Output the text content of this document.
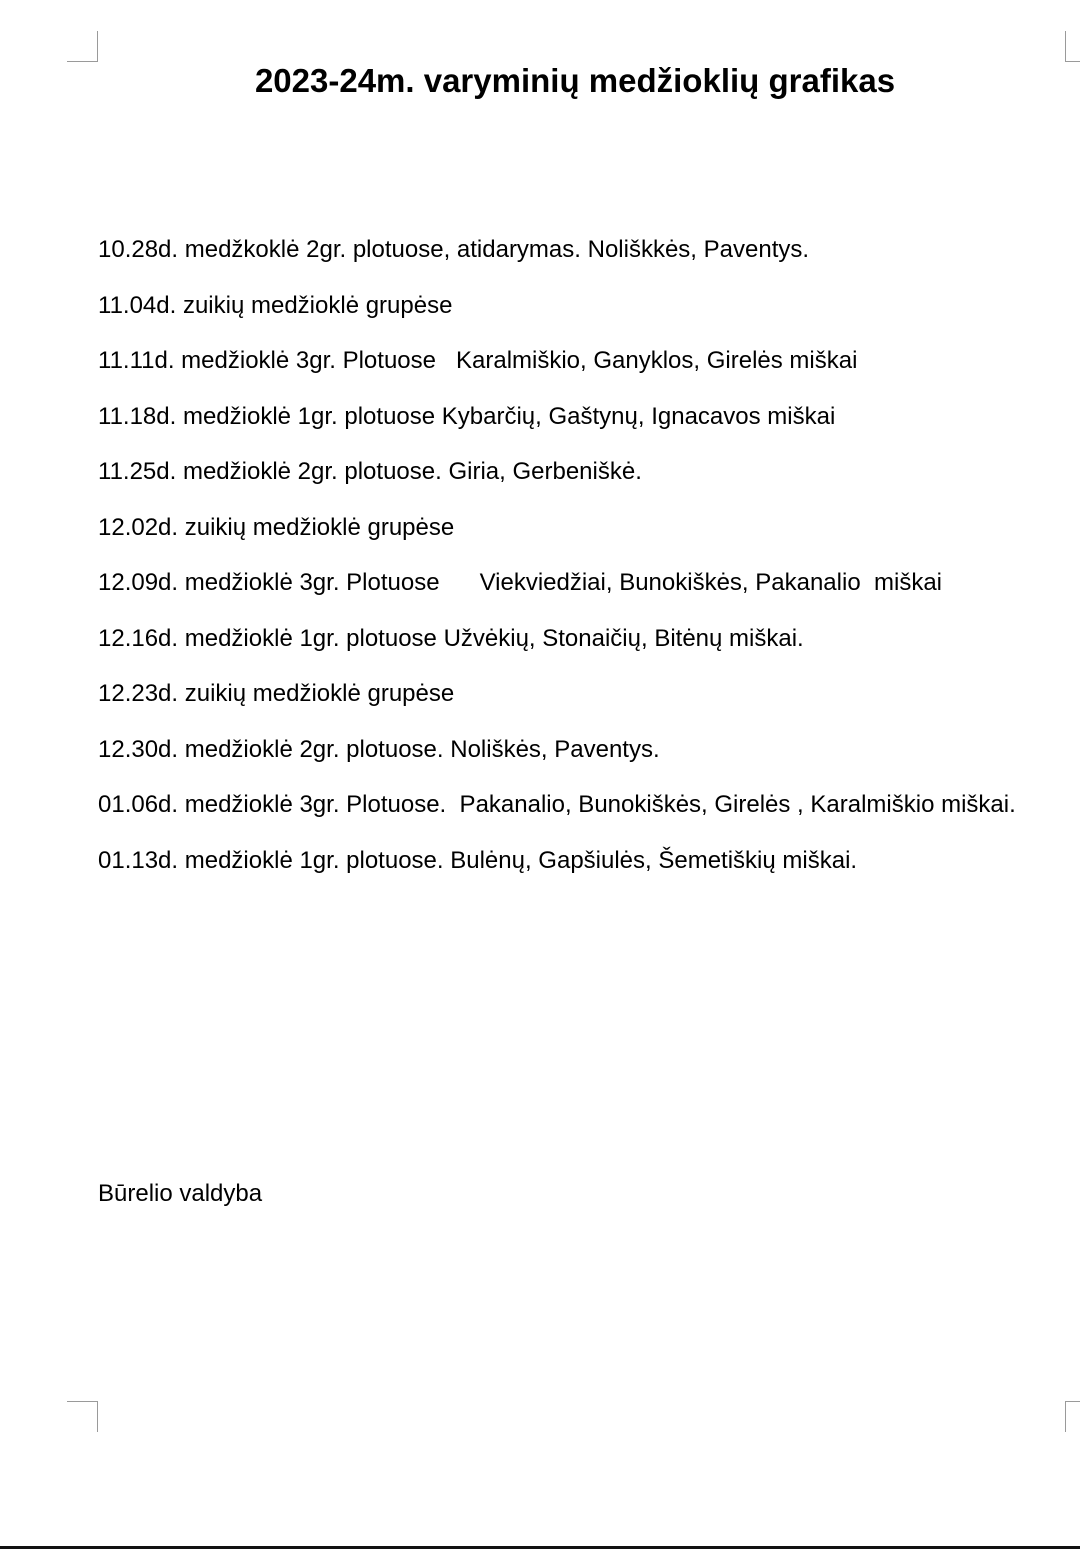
2023-24m. varyminių medžioklių grafikas
10.28d. medžkoklė 2gr. plotuose, atidarymas. Noliškkės, Paventys.
11.04d. zuikių medžioklė grupėse
11.11d. medžioklė 3gr. Plotuose   Karalmiškio, Ganyklos, Girelės miškai
11.18d. medžioklė 1gr. plotuose Kybarčių, Gaštynų, Ignacavos miškai
11.25d. medžioklė 2gr. plotuose. Giria, Gerbeniškė.
12.02d. zuikių medžioklė grupėse
12.09d. medžioklė 3gr. Plotuose      Viekviedžiai, Bunokiškės, Pakanalio  miškai
12.16d. medžioklė 1gr. plotuose Užvėkių, Stonaičių, Bitėnų miškai.
12.23d. zuikių medžioklė grupėse
12.30d. medžioklė 2gr. plotuose. Noliškės, Paventys.
01.06d. medžioklė 3gr. Plotuose.  Pakanalio, Bunokiškės, Girelės , Karalmiškio miškai.
01.13d. medžioklė 1gr. plotuose. Bulėnų, Gapšiulės, Šemetiškių miškai.
Būrelio valdyba
